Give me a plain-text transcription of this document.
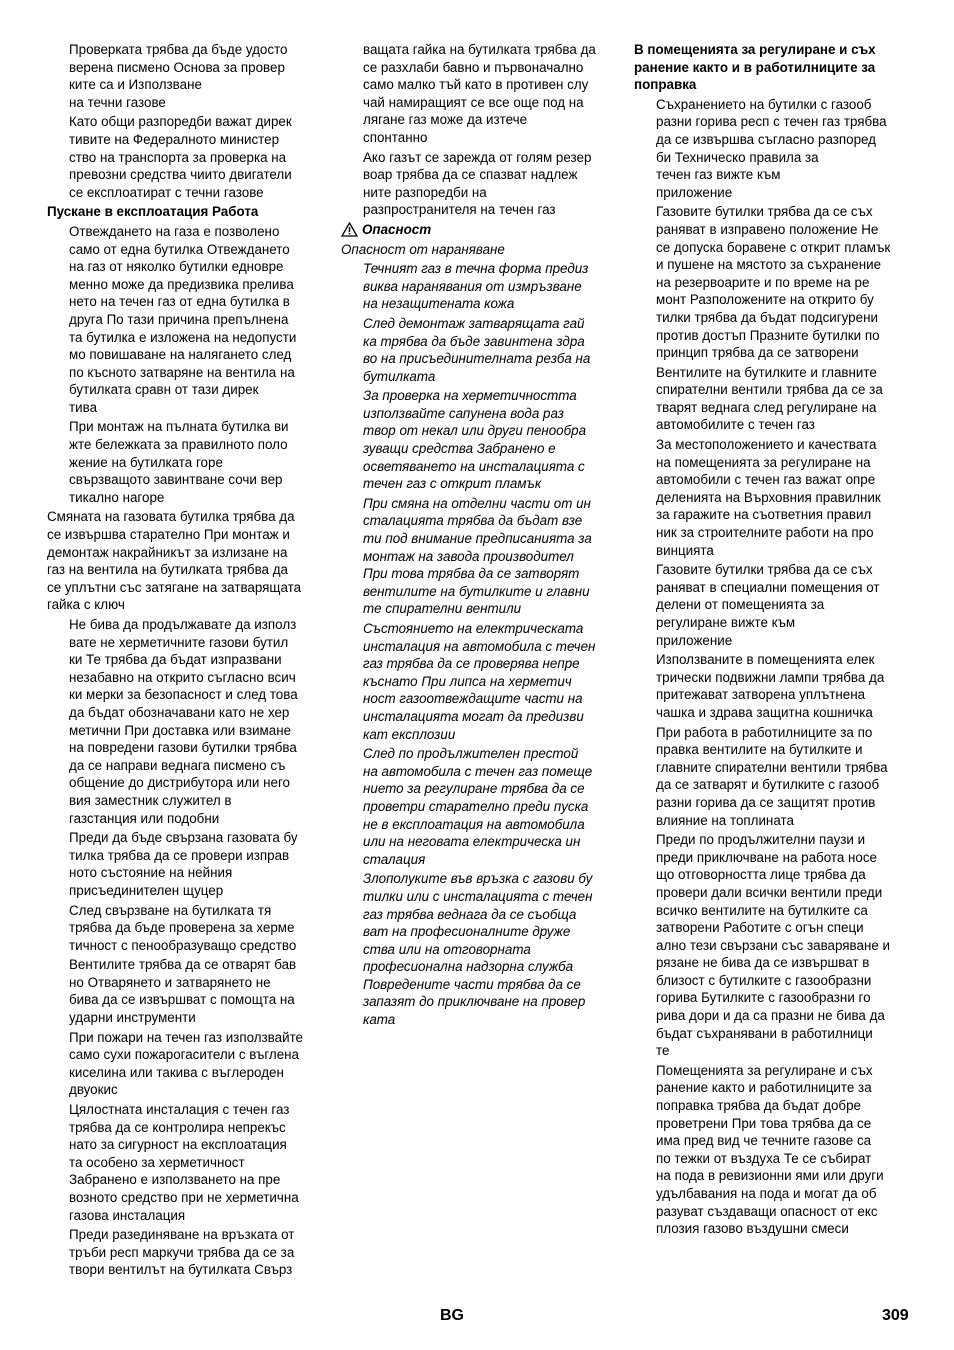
Проверката трябва да бъде удосто
верена писмено Основа за провер
ките са и Използване
на течни газове

Като общи разпоредби важат дирек
тивите на Федералното министер
ство на транспорта за проверка на
превозни средства чиито двигатели
се експлоатират с течни газове

Пускане в експлоатация Работа

Отвеждането на газа е позволено
само от една бутилка Отвеждането
на газ от няколко бутилки едновре
менно може да предизвика прелива
нето на течен газ от една бутилка в
друга По тази причина препълнена
та бутилка е изложена на недопусти
мо повишаване на налягането след
по късното затваряне на вентила на
бутилката сравн от тази дирек
тива

При монтаж на пълната бутилка ви
жте бележката за правилното поло
жение на бутилката горе
свързващото завинтване сочи вер
тикално нагоре

Смяната на газовата бутилка трябва да
се извършва старателно При монтаж и
демонтаж накрайникът за излизане на
газ на вентила на бутилката трябва да
се уплътни със затягане на затварящата
гайка с ключ

Не бива да продължавате да използ
вате не херметичните газови бутил
ки Те трябва да бъдат изпразвани
незабавно на открито съгласно всич
ки мерки за безопасност и след това
да бъдат обозначавани като не хер
метични При доставка или взимане
на повредени газови бутилки трябва
да се направи веднага писмено съ
общение до дистрибутора или него
вия заместник служител в
газстанция или подобни

Преди да бъде свързана газовата бу
тилка трябва да се провери изправ
ното състояние на нейния
присъединителен щуцер

След свързване на бутилката тя
трябва да бъде проверена за херме
тичност с пенообразуващо средство

Вентилите трябва да се отварят бав
но Отварянето и затварянето не
бива да се извършват с помощта на
ударни инструменти

При пожари на течен газ използвайте
само сухи пожарогасители с въглена
киселина или такива с въглероден
двуокис

Цялостната инсталация с течен газ
трябва да се контролира непрекъс
нато за сигурност на експлоатация
та особено за херметичност
Забранено е използването на пре
возното средство при не херметична
газова инсталация

Преди разединяване на връзката от
тръби респ маркучи трябва да се за
твори вентилът на бутилката Свърз

ващата гайка на бутилката трябва да
се разхлаби бавно и първоначално
само малко тъй като в противен слу
чай намиращият се все още под на
лягане газ може да изтече
спонтанно

Ако газът се зарежда от голям резер
воар трябва да се спазват надлеж
ните разпоредби на
разпространителя на течен газ

Опасност

Опасност от нараняване

Течният газ в течна форма предиз
виква наранявания от измръзване
на незащитената кожа

След демонтаж затварящата гай
ка трябва да бъде завинтена здра
во на присъединителната резба на
бутилката

За проверка на херметичността
използвайте сапунена вода раз
твор от некал или други пенообра
зуващи средства Забранено е
осветяването на инсталацията с
течен газ с открит пламък

При смяна на отделни части от ин
сталацията трябва да бъдат взе
ти под внимание предписанията за
монтаж на завода производител
При това трябва да се затворят
вентилите на бутилките и главни
те спирателни вентили

Състоянието на електрическата
инсталация на автомобила с течен
газ трябва да се проверява непре
къснато При липса на херметич
ност газоотвеждащите части на
инсталацията могат да предизви
кат експлозии

След по продължителен престой
на автомобила с течен газ помеще
нието за регулиране трябва да се
проветри старателно преди пуска
не в експлоатация на автомобила
или на неговата електрическа ин
сталация

Злополуките във връзка с газови бу
тилки или с инсталацията с течен
газ трябва веднага да се съобща
ват на професионалните друже
ства или на отговорната
професионална надзорна служба
Повредените части трябва да се
запазят до приключване на провер
ката

В помещенията за регулиране и съх
ранение както и в работилниците за
поправка

Съхранението на бутилки с газооб
разни горива респ с течен газ трябва
да се извършва съгласно разпоред
би Техническо правила за
течен газ вижте към
приложение

Газовите бутилки трябва да се съх
раняват в изправено положение Не
се допуска боравене с открит пламък
и пушене на мястото за съхранение
на резервоарите и по време на ре
монт Разположените на открито бу
тилки трябва да бъдат подсигурени
против достъп Празните бутилки по
принцип трябва да се затворени

Вентилите на бутилките и главните
спирателни вентили трябва да се за
тварят веднага след регулиране на
автомобилите с течен газ

За местоположението и качествата
на помещенията за регулиране на
автомобили с течен газ важат опре
деленията на Върховния правилник
за гаражите на съответния правил
ник за строителните работи на про
винцията

Газовите бутилки трябва да се съх
раняват в специални помещения от
делени от помещенията за
регулиране вижте към
приложение

Използваните в помещенията елек
трически подвижни лампи трябва да
притежават затворена уплътнена
чашка и здрава защитна кошничка

При работа в работилниците за по
правка вентилите на бутилките и
главните спирателни вентили трябва
да се затварят и бутилките с газооб
разни горива да се защитят против
влияние на топлината

Преди по продължителни паузи и
преди приключване на работа носе
що отговорността лице трябва да
провери дали всички вентили преди
всичко вентилите на бутилките са
затворени Работите с огън специ
ално тези свързани със заваряване и
рязане не бива да се извършват в
близост с бутилките с газообразни
горива Бутилките с газообразни го
рива дори и да са празни не бива да
бъдат съхранявани в работилници
те

Помещенията за регулиране и съх
ранение както и работилниците за
поправка трябва да бъдат добре
проветрени При това трябва да се
има пред вид че течните газове са
по тежки от въздуха Те се събират
на пода в ревизионни ями или други
удълбавания на пода и могат да об
разуват създаващи опасност от екс
плозия газово въздушни смеси

BG	309
